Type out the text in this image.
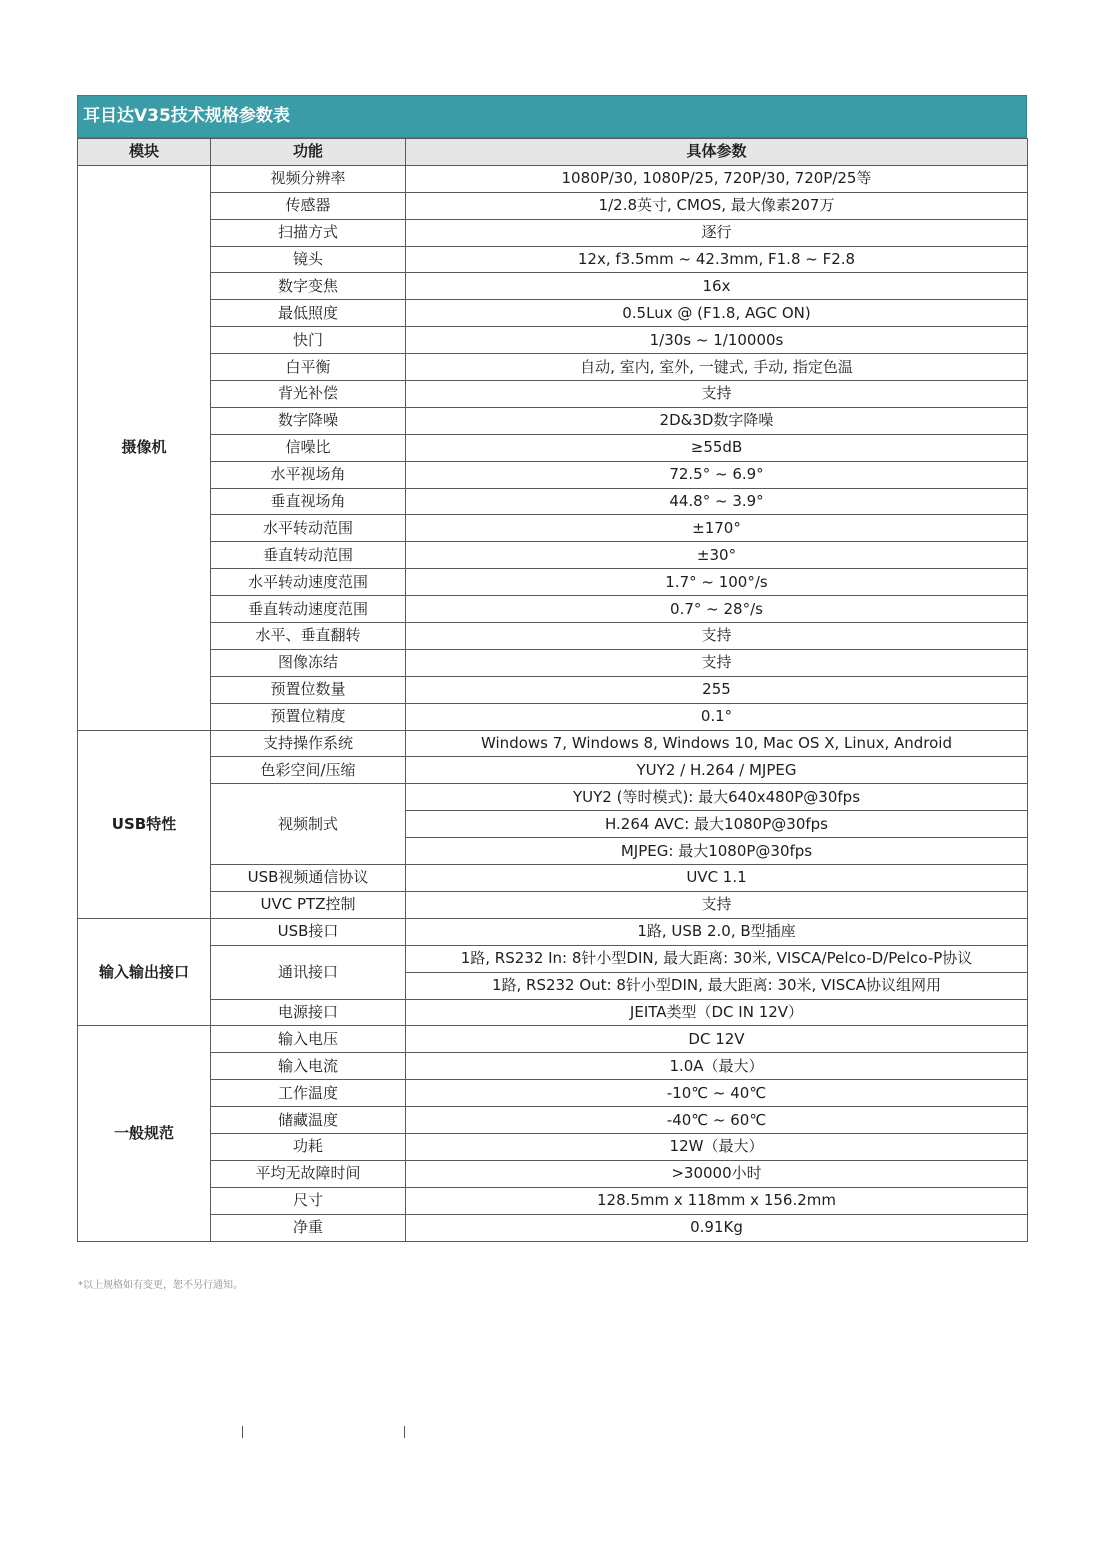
耳目达V35技术规格参数表
模块	功能	具体参数
摄像机	视频分辨率	1080P/30, 1080P/25, 720P/30, 720P/25等
	传感器	1/2.8英寸, CMOS, 最大像素207万
	扫描方式	逐行
	镜头	12x, f3.5mm ~ 42.3mm, F1.8 ~ F2.8
	数字变焦	16x
	最低照度	0.5Lux @ (F1.8, AGC ON)
	快门	1/30s ~ 1/10000s
	白平衡	自动, 室内, 室外, 一键式, 手动, 指定色温
	背光补偿	支持
	数字降噪	2D&3D数字降噪
	信噪比	≥55dB
	水平视场角	72.5° ~ 6.9°
	垂直视场角	44.8° ~ 3.9°
	水平转动范围	±170°
	垂直转动范围	±30°
	水平转动速度范围	1.7° ~ 100°/s
	垂直转动速度范围	0.7° ~ 28°/s
	水平、垂直翻转	支持
	图像冻结	支持
	预置位数量	255
	预置位精度	0.1°
USB特性	支持操作系统	Windows 7, Windows 8, Windows 10, Mac OS X, Linux, Android
	色彩空间/压缩	YUY2 / H.264 / MJPEG
	视频制式	YUY2 (等时模式): 最大640x480P@30fps
		H.264 AVC: 最大1080P@30fps
		MJPEG: 最大1080P@30fps
	USB视频通信协议	UVC 1.1
	UVC PTZ控制	支持
输入输出接口	USB接口	1路, USB 2.0, B型插座
	通讯接口	1路, RS232 In: 8针小型DIN, 最大距离: 30米, VISCA/Pelco-D/Pelco-P协议
		1路, RS232 Out: 8针小型DIN, 最大距离: 30米, VISCA协议组网用
	电源接口	JEITA类型（DC IN 12V）
一般规范	输入电压	DC 12V
	输入电流	1.0A（最大）
	工作温度	-10℃ ~ 40℃
	储藏温度	-40℃ ~ 60℃
	功耗	12W（最大）
	平均无故障时间	>30000小时
	尺寸	128.5mm x 118mm x 156.2mm
	净重	0.91Kg
*以上规格如有变更，恕不另行通知。
